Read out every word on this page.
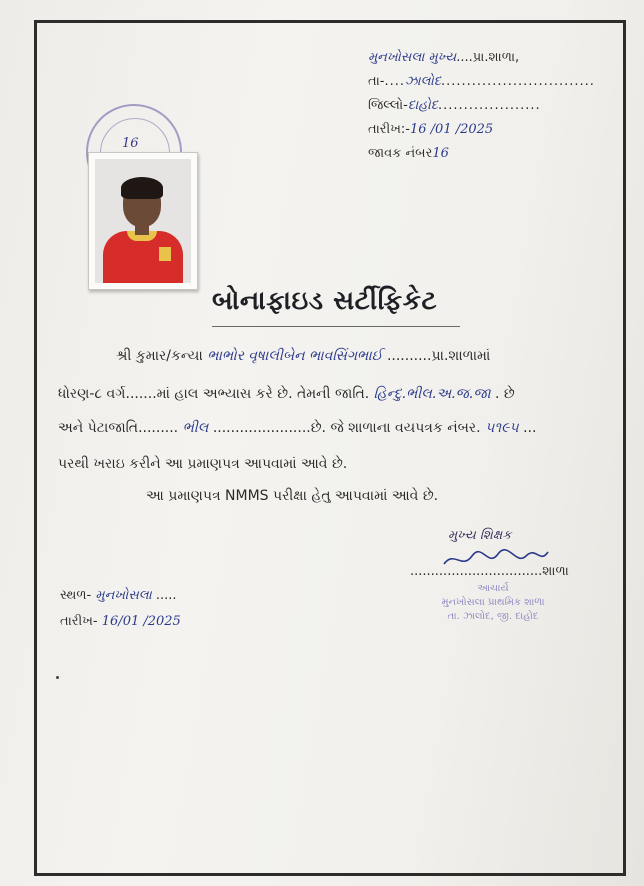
મુનખોસલા મુખ્ય ....પ્રા.શાળા,
તા- .... ઝાલોદ ..............................
જિલ્લો- દાહોદ ....................
તારીખ:- 16 /01 /2025
જાવક નંબર 16
16
બોનાફાઇડ સર્ટીફિકેટ
શ્રી કુમાર/કન્યા ભાભોર વૃષાલીબેન ભાવસિંગભાઈ ..........પ્રા.શાળામાં
ધોરણ-૮ વર્ગ.......માં હાલ અભ્યાસ કરે છે. તેમની જાતિ. હિન્દુ.ભીલ.અ.જ.જા . છે
અને પેટાજાતિ......... ભીલ ......................છે. જે શાળાના વયપત્રક નંબર. ૫૧૯૫ ...
પરથી ખરાઇ કરીને આ પ્રમાણપત્ર આપવામાં આવે છે.
આ પ્રમાણપત્ર NMMS પરીક્ષા હેતુ આપવામાં આવે છે.
મુખ્ય શિક્ષક
................................શાળા
આચાર્ય
મુનખોસલા પ્રાથમિક શાળા
તા. ઝાલોદ, જી. દાહોદ
સ્થળ- મુનખોસલા .....
તારીખ- 16/01 /2025
